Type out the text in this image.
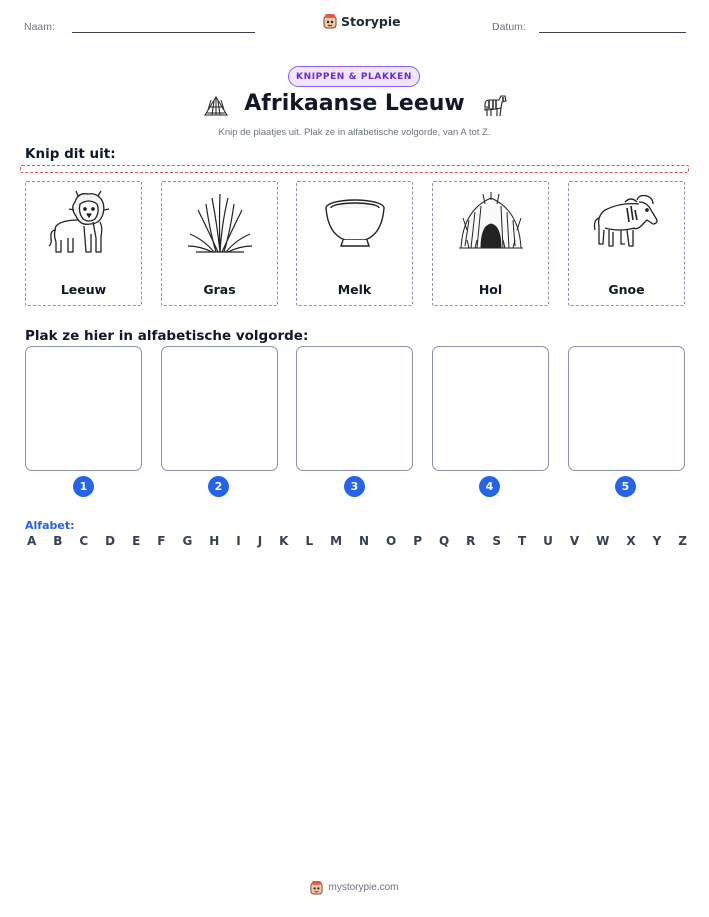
Naam:	Storypie	Datum:
KNIPPEN & PLAKKEN
Afrikaanse Leeuw
Knip de plaatjes uit. Plak ze in alfabetische volgorde, van A tot Z.
Knip dit uit:
Leeuw	Gras	Melk	Hol	Gnoe
Plak ze hier in alfabetische volgorde:
1	2	3	4	5
Alfabet:
A B C D E F G H I J K L M N O P Q R S T U V W X Y Z
mystorypie.com
